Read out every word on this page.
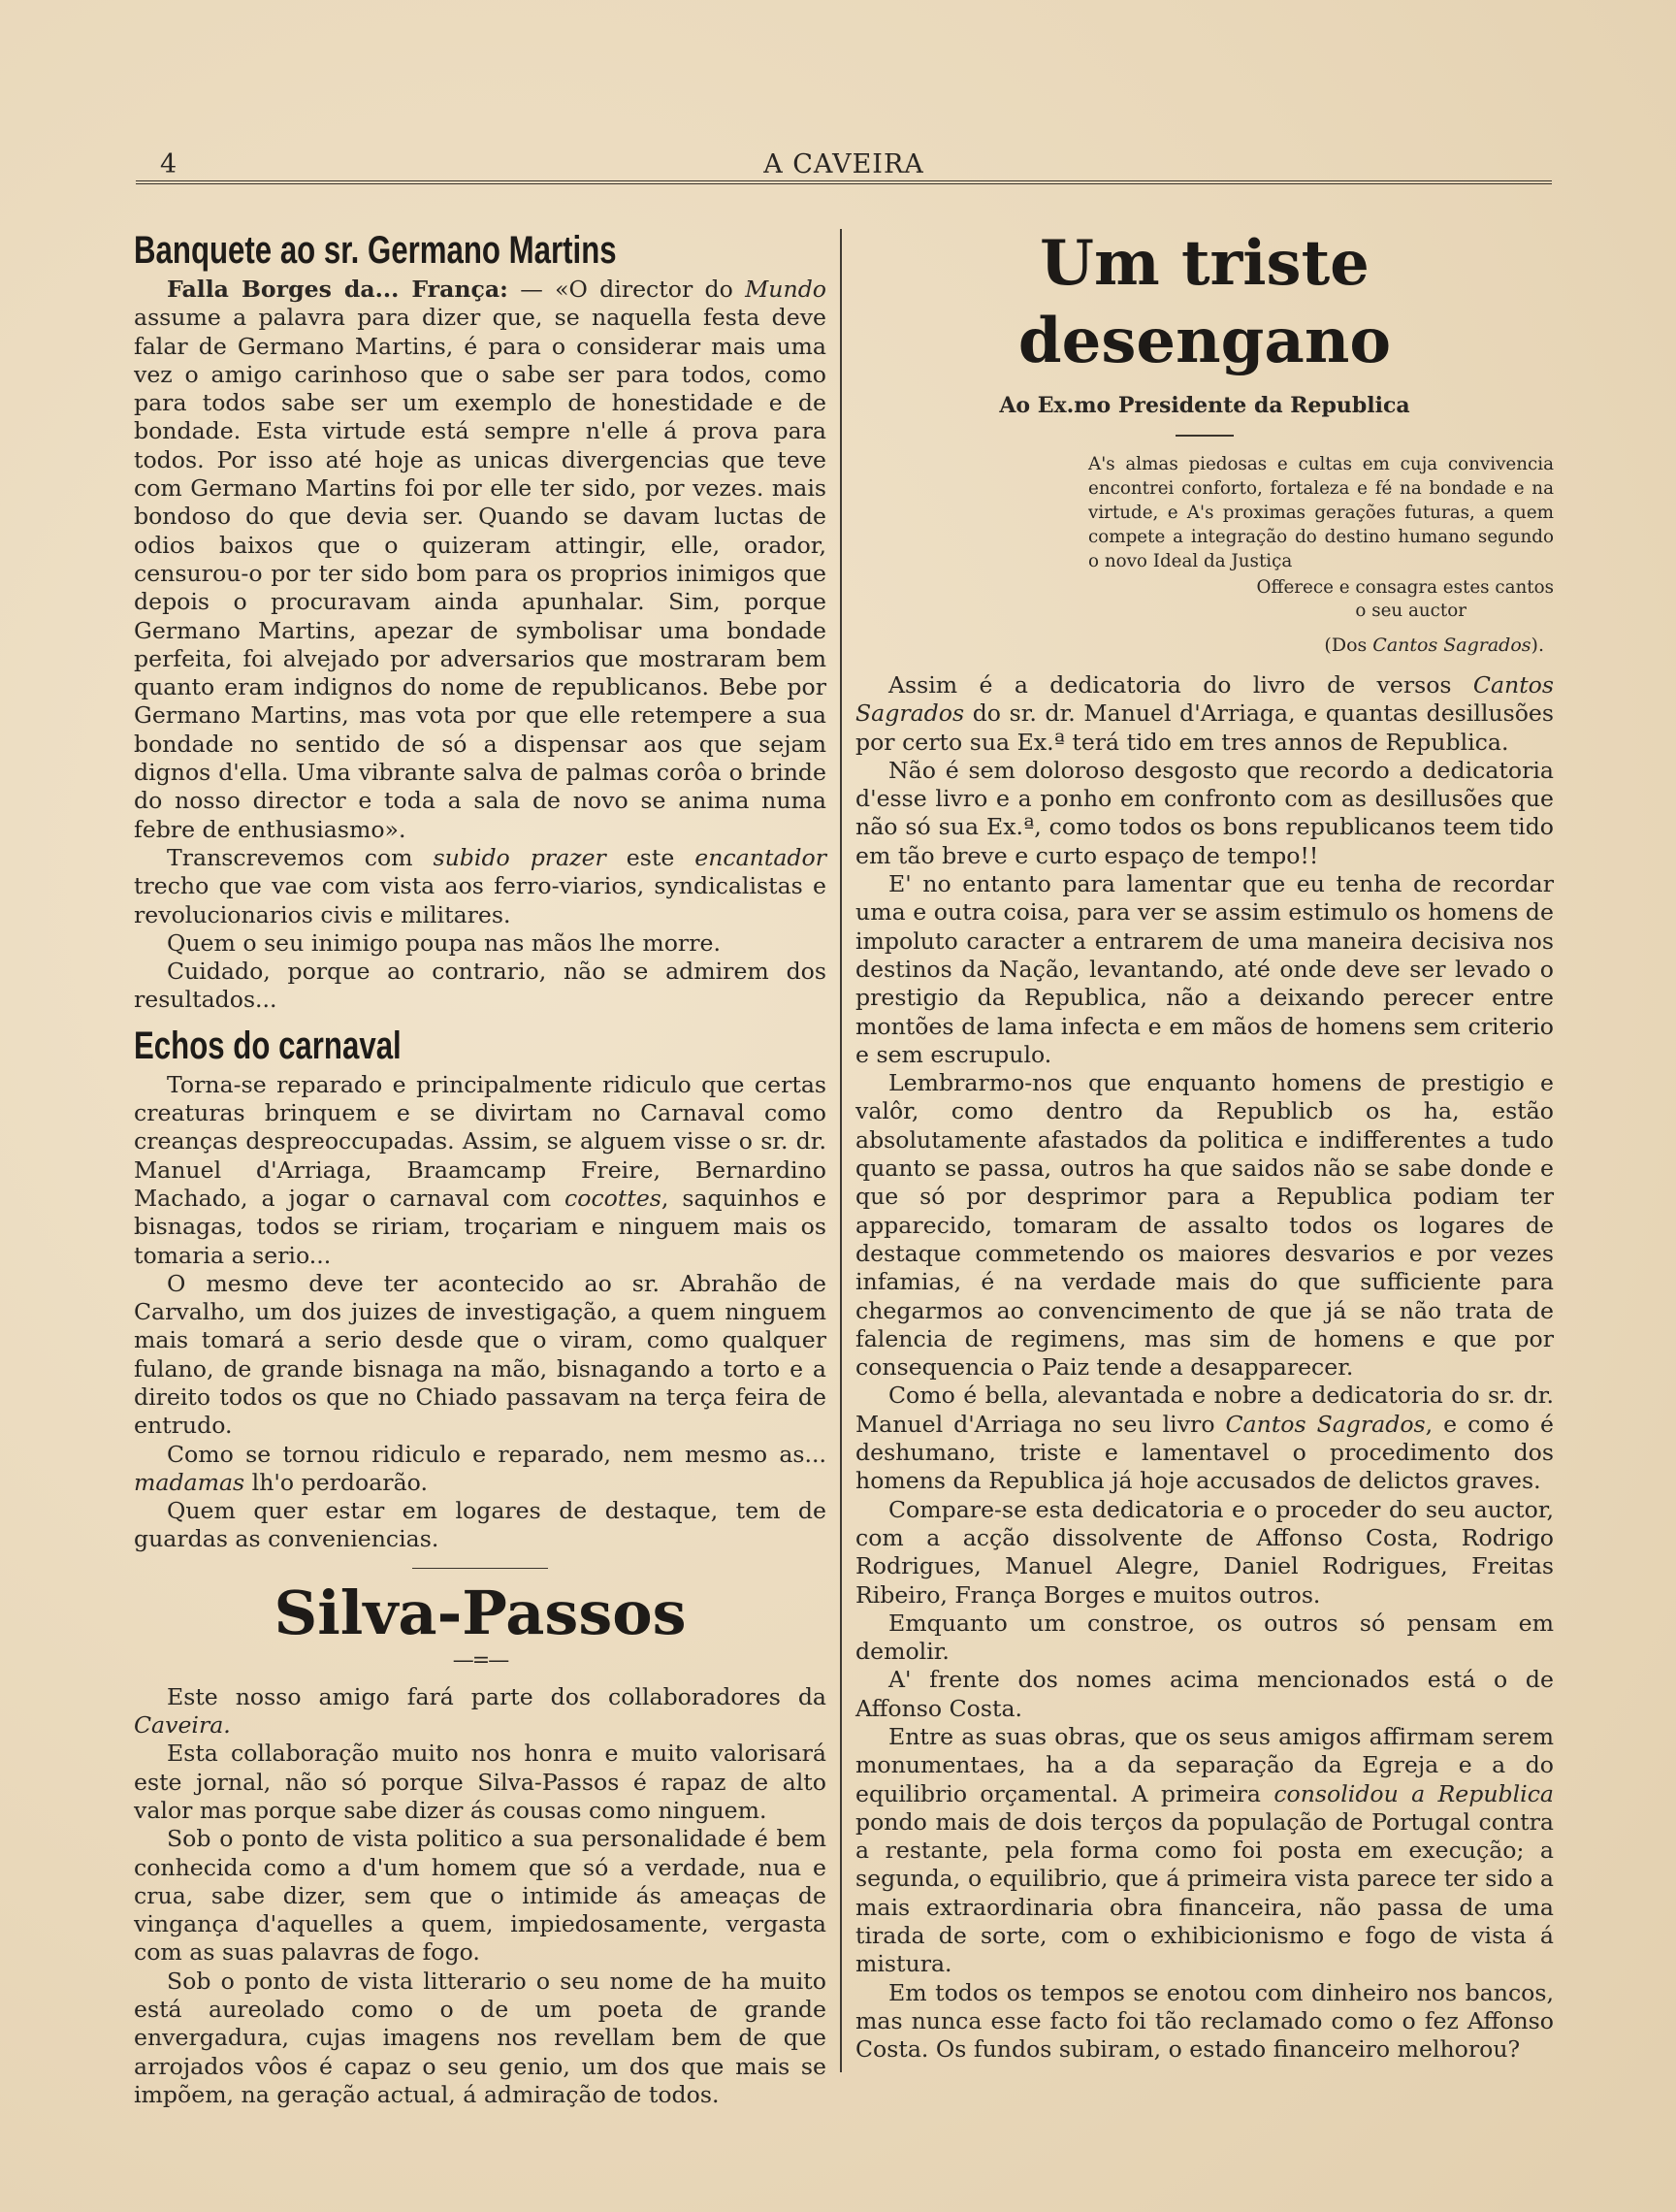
4	A CAVEIRA
Banquete ao sr. Germano Martins

Falla Borges da... França: — «O director do Mundo assume a palavra para dizer que, se naquella festa deve falar de Germano Martins, é para o considerar mais uma vez o amigo carinhoso que o sabe ser para todos, como para todos sabe ser um exemplo de honestidade e de bondade. Esta virtude está sempre n'elle á prova para todos. Por isso até hoje as unicas divergencias que teve com Germano Martins foi por elle ter sido, por vezes. mais bondoso do que devia ser. Quando se davam luctas de odios baixos que o quizeram attingir, elle, orador, censurou-o por ter sido bom para os proprios inimigos que depois o procuravam ainda apunhalar. Sim, porque Germano Martins, apezar de symbolisar uma bondade perfeita, foi alvejado por adversarios que mostraram bem quanto eram indignos do nome de republicanos. Bebe por Germano Martins, mas vota por que elle retempere a sua bondade no sentido de só a dispensar aos que sejam dignos d'ella. Uma vibrante salva de palmas corôa o brinde do nosso director e toda a sala de novo se anima numa febre de enthusiasmo».

Transcrevemos com subido prazer este encantador trecho que vae com vista aos ferro-viarios, syndicalistas e revolucionarios civis e militares.

Quem o seu inimigo poupa nas mãos lhe morre.

Cuidado, porque ao contrario, não se admirem dos resultados...

Echos do carnaval

Torna-se reparado e principalmente ridiculo que certas creaturas brinquem e se divirtam no Carnaval como creanças despreoccupadas. Assim, se alguem visse o sr. dr. Manuel d'Arriaga, Braamcamp Freire, Bernardino Machado, a jogar o carnaval com cocottes, saquinhos e bisnagas, todos se ririam, troçariam e ninguem mais os tomaria a serio...

O mesmo deve ter acontecido ao sr. Abrahão de Carvalho, um dos juizes de investigação, a quem ninguem mais tomará a serio desde que o viram, como qualquer fulano, de grande bisnaga na mão, bisnagando a torto e a direito todos os que no Chiado passavam na terça feira de entrudo.

Como se tornou ridiculo e reparado, nem mesmo as... madamas lh'o perdoarão.

Quem quer estar em logares de destaque, tem de guardas as conveniencias.

Silva-Passos
—=—

Este nosso amigo fará parte dos collaboradores da Caveira.

Esta collaboração muito nos honra e muito valorisará este jornal, não só porque Silva-Passos é rapaz de alto valor mas porque sabe dizer ás cousas como ninguem.

Sob o ponto de vista politico a sua personalidade é bem conhecida como a d'um homem que só a verdade, nua e crua, sabe dizer, sem que o intimide ás ameaças de vingança d'aquelles a quem, impiedosamente, vergasta com as suas palavras de fogo.

Sob o ponto de vista litterario o seu nome de ha muito está aureolado como o de um poeta de grande envergadura, cujas imagens nos revellam bem de que arrojados vôos é capaz o seu genio, um dos que mais se impõem, na geração actual, á admiração de todos.

Um triste desengano
Ao Ex.mo Presidente da Republica
A's almas piedosas e cultas em cuja convivencia encontrei conforto, fortaleza e fé na bondade e na virtude, e A's proximas gerações futuras, a quem compete a integração do destino humano segundo o novo Ideal da Justiça
Offerece e consagra estes cantos
o seu auctor
(Dos Cantos Sagrados).

Assim é a dedicatoria do livro de versos Cantos Sagrados do sr. dr. Manuel d'Arriaga, e quantas desillusões por certo sua Ex.ª terá tido em tres annos de Republica.

Não é sem doloroso desgosto que recordo a dedicatoria d'esse livro e a ponho em confronto com as desillusões que não só sua Ex.ª, como todos os bons republicanos teem tido em tão breve e curto espaço de tempo!!

E' no entanto para lamentar que eu tenha de recordar uma e outra coisa, para ver se assim estimulo os homens de impoluto caracter a entrarem de uma maneira decisiva nos destinos da Nação, levantando, até onde deve ser levado o prestigio da Republica, não a deixando perecer entre montões de lama infecta e em mãos de homens sem criterio e sem escrupulo.

Lembrarmo-nos que enquanto homens de prestigio e valôr, como dentro da Republicb os ha, estão absolutamente afastados da politica e indifferentes a tudo quanto se passa, outros ha que saidos não se sabe donde e que só por desprimor para a Republica podiam ter apparecido, tomaram de assalto todos os logares de destaque commetendo os maiores desvarios e por vezes infamias, é na verdade mais do que sufficiente para chegarmos ao convencimento de que já se não trata de falencia de regimens, mas sim de homens e que por consequencia o Paiz tende a desapparecer.

Como é bella, alevantada e nobre a dedicatoria do sr. dr. Manuel d'Arriaga no seu livro Cantos Sagrados, e como é deshumano, triste e lamentavel o procedimento dos homens da Republica já hoje accusados de delictos graves.

Compare-se esta dedicatoria e o proceder do seu auctor, com a acção dissolvente de Affonso Costa, Rodrigo Rodrigues, Manuel Alegre, Daniel Rodrigues, Freitas Ribeiro, França Borges e muitos outros.

Emquanto um constroe, os outros só pensam em demolir.

A' frente dos nomes acima mencionados está o de Affonso Costa.

Entre as suas obras, que os seus amigos affirmam serem monumentaes, ha a da separação da Egreja e a do equilibrio orçamental. A primeira consolidou a Republica pondo mais de dois terços da população de Portugal contra a restante, pela forma como foi posta em execução; a segunda, o equilibrio, que á primeira vista parece ter sido a mais extraordinaria obra financeira, não passa de uma tirada de sorte, com o exhibicionismo e fogo de vista á mistura.

Em todos os tempos se enotou com dinheiro nos bancos, mas nunca esse facto foi tão reclamado como o fez Affonso Costa. Os fundos subiram, o estado financeiro melhorou?
